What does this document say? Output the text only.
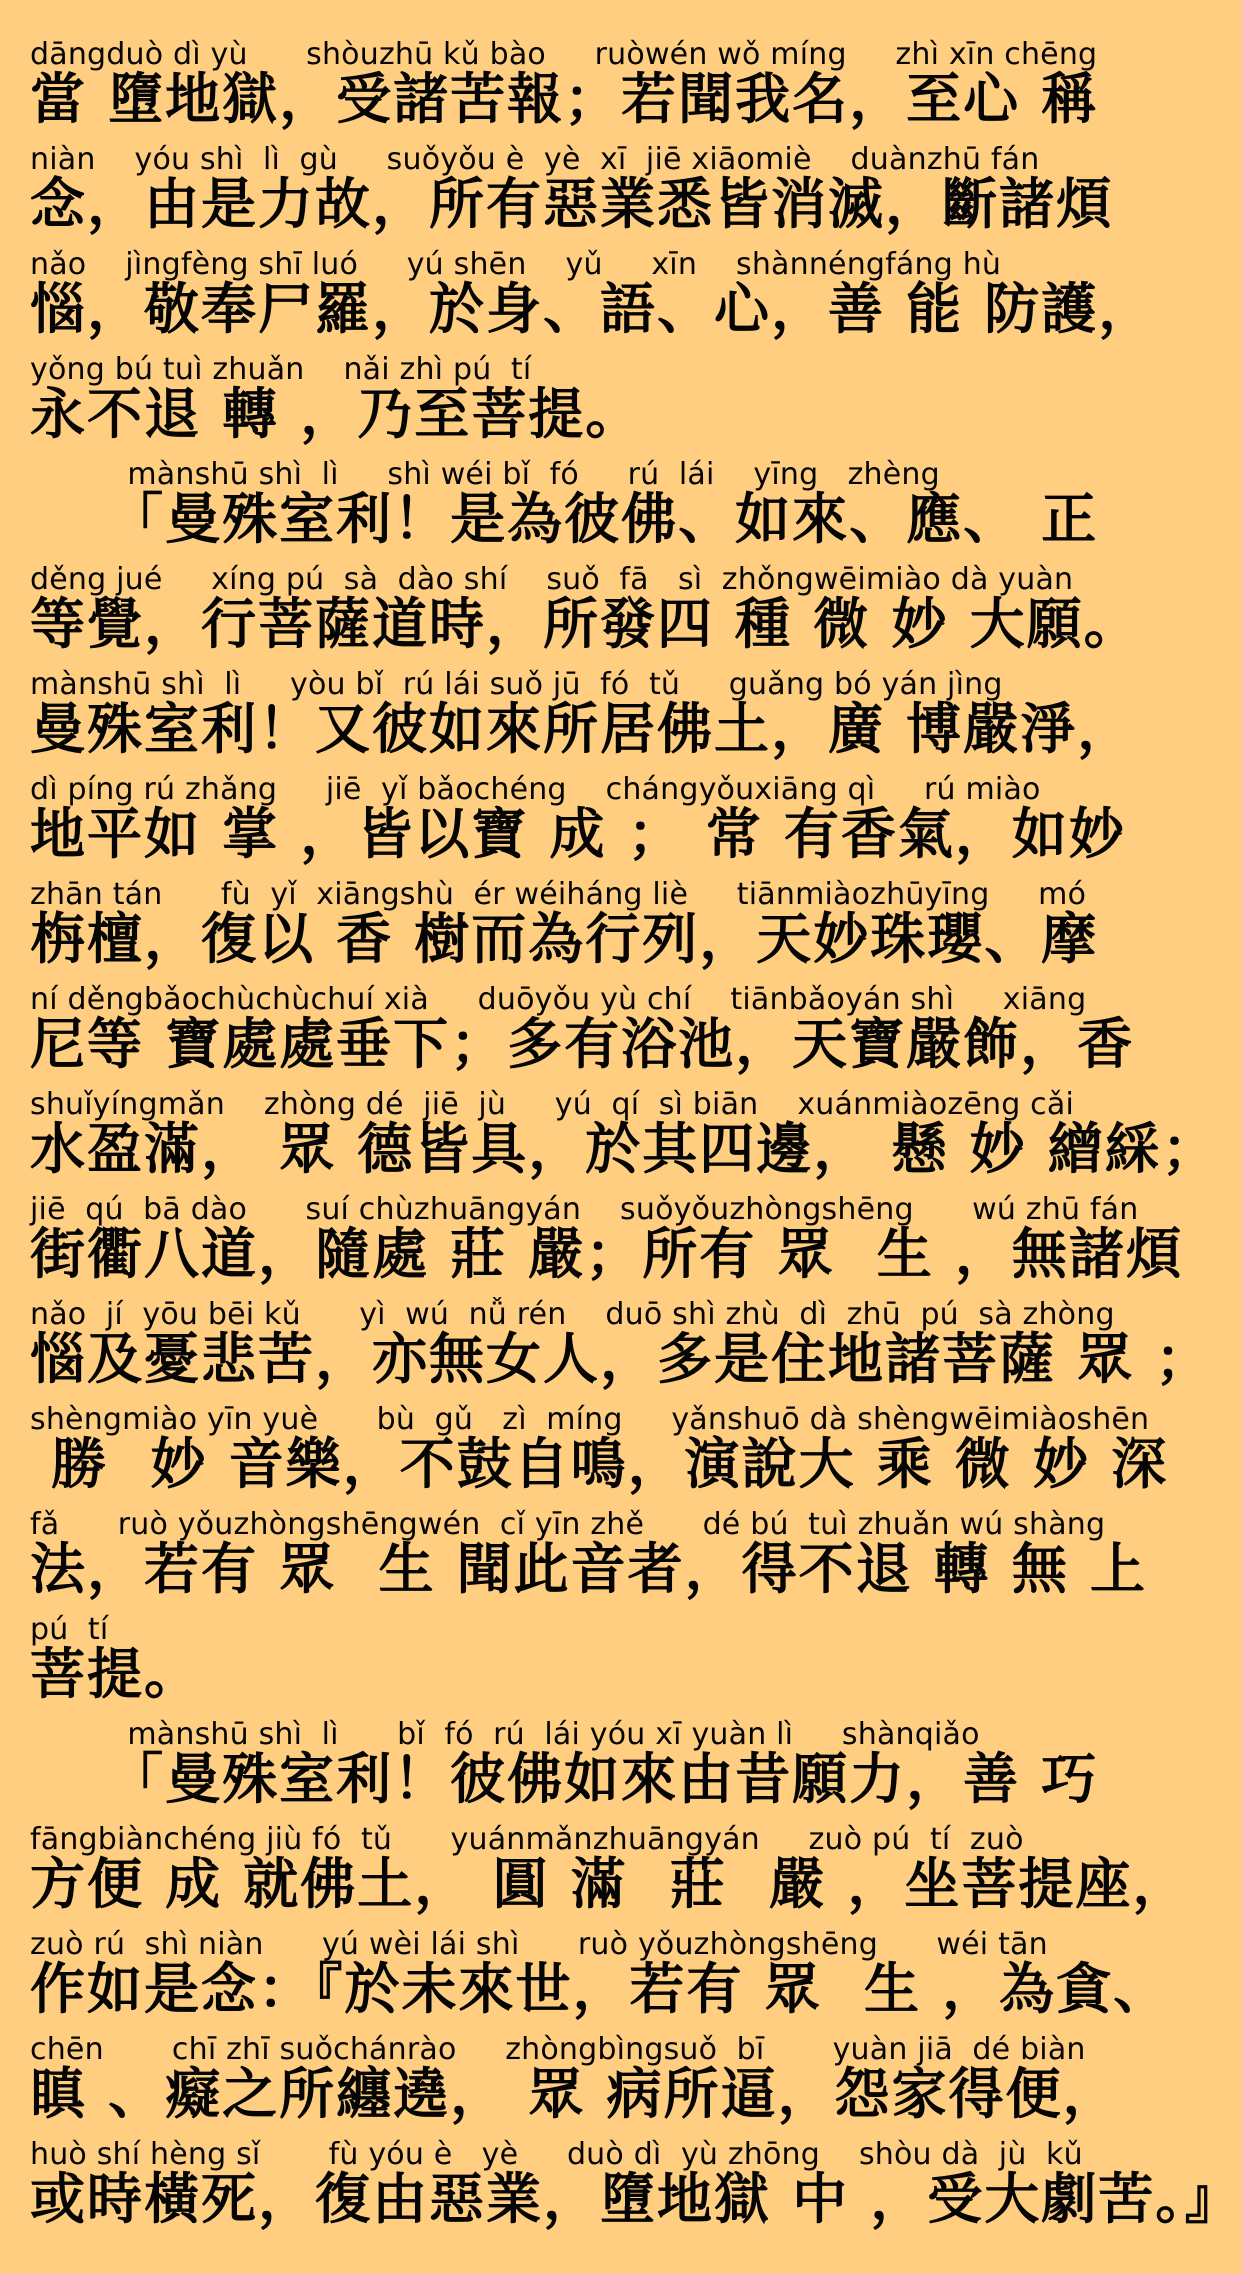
dāngduò dì yù      shòuzhū kǔ bào     ruòwén wǒ míng     zhì xīn chēng
當 墮地獄，受諸苦報；若聞我名，至心 稱
niàn    yóu shì  lì  gù     suǒyǒu è  yè  xī  jiē xiāomiè    duànzhū fán
念，由是力故，所有惡業悉皆消滅，斷諸煩
nǎo    jìngfèng shī luó     yú shēn    yǔ     xīn    shànnéngfáng hù
惱，敬奉尸羅，於身、語、心，善 能 防護，
yǒng bú tuì zhuǎn    nǎi zhì pú  tí
永不退 轉 ，乃至菩提。
mànshū shì  lì     shì wéi bǐ  fó     rú  lái    yīng   zhèng
　 「曼殊室利！是為彼佛、如來、應、 正
děng jué     xíng pú  sà  dào shí    suǒ  fā   sì  zhǒngwēimiào dà yuàn
等覺，行菩薩道時，所發四 種 微 妙 大願。
mànshū shì  lì     yòu bǐ  rú lái suǒ jū  fó  tǔ     guǎng bó yán jìng
曼殊室利！又彼如來所居佛土，廣 博嚴淨，
dì píng rú zhǎng     jiē  yǐ bǎochéng    chángyǒuxiāng qì     rú miào
地平如 掌 ，皆以寶 成 ； 常 有香氣，如妙
zhān tán      fù  yǐ  xiāngshù  ér wéiháng liè     tiānmiàozhūyīng     mó
栴檀，復以 香 樹而為行列，天妙珠瓔、摩
ní děngbǎochùchùchuí xià     duōyǒu yù chí    tiānbǎoyán shì     xiāng
尼等 寶處處垂下；多有浴池，天寶嚴飾，香
shuǐyíngmǎn    zhòng dé  jiē  jù     yú  qí  sì biān    xuánmiàozēng cǎi
水盈滿， 眾 德皆具，於其四邊， 懸 妙 繒綵；
jiē  qú  bā dào      suí chùzhuāngyán    suǒyǒuzhòngshēng      wú zhū fán
街衢八道，隨處 莊 嚴；所有 眾  生 ，無諸煩
nǎo  jí  yōu bēi kǔ      yì  wú  nǚ rén    duō shì zhù  dì  zhū  pú  sà zhòng
惱及憂悲苦，亦無女人，多是住地諸菩薩 眾 ；
shèngmiào yīn yuè      bù  gǔ   zì  míng     yǎnshuō dà shèngwēimiàoshēn
勝  妙 音樂，不鼓自鳴，演說大 乘 微 妙 深
fǎ      ruò yǒuzhòngshēngwén  cǐ yīn zhě      dé bú  tuì zhuǎn wú shàng
法，若有 眾  生 聞此音者，得不退 轉 無 上
pú  tí
菩提。
mànshū shì  lì      bǐ  fó  rú  lái yóu xī yuàn lì     shànqiǎo
　 「曼殊室利！彼佛如來由昔願力，善 巧
fāngbiànchéng jiù fó  tǔ      yuánmǎnzhuāngyán     zuò pú  tí  zuò
方便 成 就佛土， 圓 滿  莊  嚴 ，坐菩提座，
zuò rú  shì niàn      yú wèi lái shì      ruò yǒuzhòngshēng      wéi tān
作如是念：『於未來世，若有 眾  生 ，為貪、
chēn       chī zhī suǒchánrào     zhòngbìngsuǒ  bī       yuàn jiā  dé biàn
瞋 、癡之所纏遶， 眾 病所逼，怨家得便，
huò shí hèng sǐ       fù yóu è   yè     duò dì  yù zhōng    shòu dà  jù  kǔ
或時橫死，復由惡業，墮地獄 中 ，受大劇苦。』
